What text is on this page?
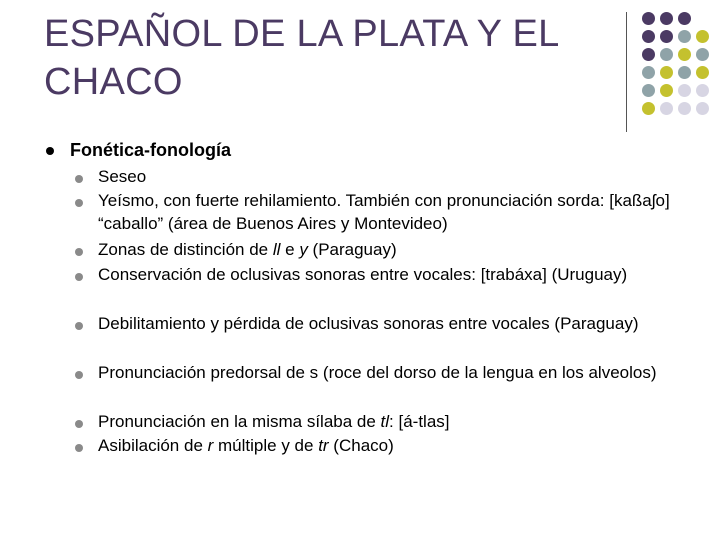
ESPAÑOL DE LA PLATA Y EL CHACO
Fonética-fonología
Seseo
Yeísmo, con fuerte rehilamiento. También con pronunciación sorda: [kaßaʃo] “caballo” (área de Buenos Aires y Montevideo)
Zonas de distinción de ll e y (Paraguay)
Conservación de oclusivas sonoras entre vocales: [trabáxa] (Uruguay)
Debilitamiento y pérdida de oclusivas sonoras entre vocales (Paraguay)
Pronunciación predorsal de s (roce del dorso de la lengua en los alveolos)
Pronunciación en la misma sílaba de tl: [á-tlas]
Asibilación de r múltiple y de tr (Chaco)
